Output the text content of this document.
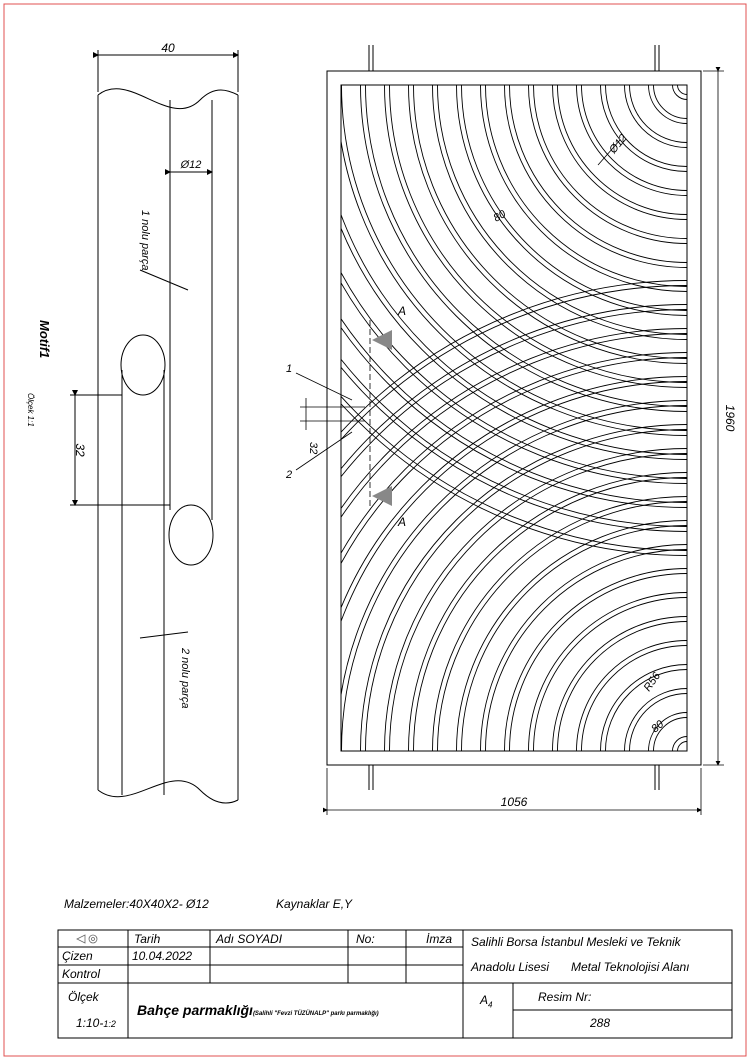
40
Ø12
32
1 nolu parça
2 nolu parça
Motif1
Ölçek 1:1
1056
1960
Ø12
80
R56
80
32
A
A
1
2
Malzemeler:40X40X2- Ø12	Kaynaklar E,Y
Tarih	Adı SOYADI	No:	İmza
Çizen	10.04.2022
Kontrol
Ölçek
1:10-1:2
Bahçe parmaklığı(Salihli "Fevzi TÜZÜNALP" parkı parmaklığı)
Salihli Borsa İstanbul Mesleki ve Teknik
Anadolu Lisesi Metal Teknolojisi Alanı
$A_4$
Resim Nr:
288
